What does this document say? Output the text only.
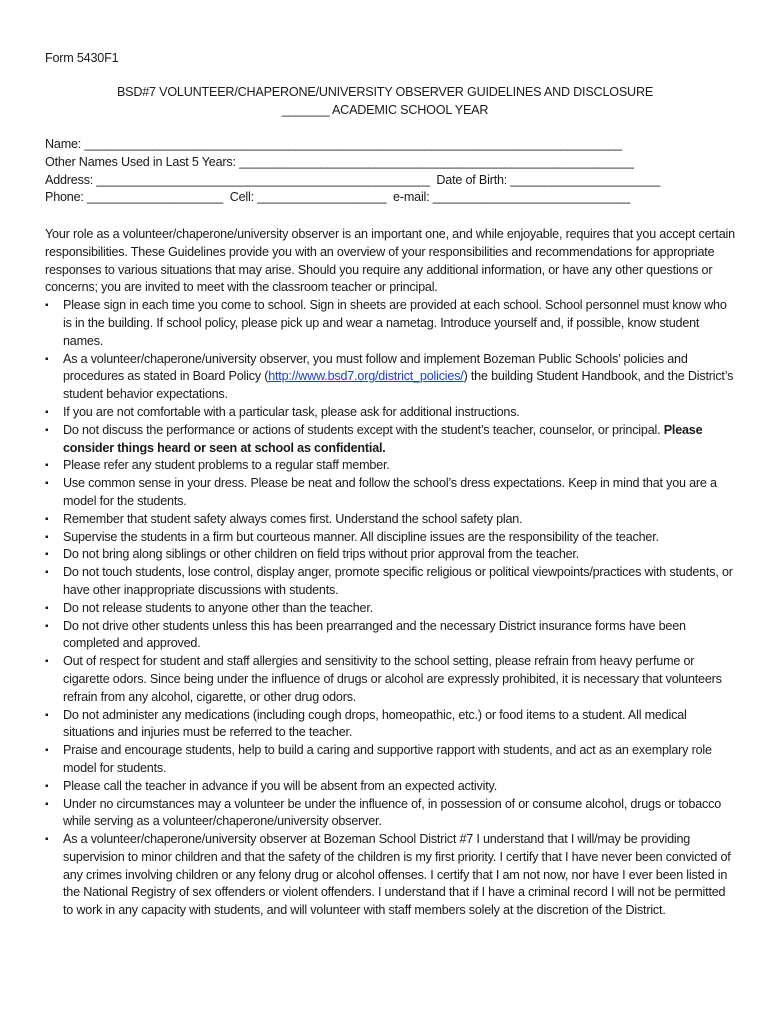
Form 5430F1
BSD#7 VOLUNTEER/CHAPERONE/UNIVERSITY OBSERVER GUIDELINES AND DISCLOSURE
_______ ACADEMIC SCHOOL YEAR
Name: _______________________________________________________________________________
Other Names Used in Last 5 Years: __________________________________________________________
Address: _________________________________________________  Date of Birth: ______________________
Phone: ____________________  Cell: ___________________  e-mail: _____________________________

Your role as a volunteer/chaperone/university observer is an important one, and while enjoyable, requires that you accept certain responsibilities. These Guidelines provide you with an overview of your responsibilities and recommendations for appropriate responses to various situations that may arise. Should you require any additional information, or have any other questions or concerns; you are invited to meet with the classroom teacher or principal.

▪ Please sign in each time you come to school. Sign in sheets are provided at each school. School personnel must know who is in the building. If school policy, please pick up and wear a nametag. Introduce yourself and, if possible, know student names.
▪ As a volunteer/chaperone/university observer, you must follow and implement Bozeman Public Schools’ policies and procedures as stated in Board Policy (http://www.bsd7.org/district_policies/) the building Student Handbook, and the District’s student behavior expectations.
▪ If you are not comfortable with a particular task, please ask for additional instructions.
▪ Do not discuss the performance or actions of students except with the student’s teacher, counselor, or principal. Please consider things heard or seen at school as confidential.
▪ Please refer any student problems to a regular staff member.
▪ Use common sense in your dress. Please be neat and follow the school’s dress expectations. Keep in mind that you are a model for the students.
▪ Remember that student safety always comes first. Understand the school safety plan.
▪ Supervise the students in a firm but courteous manner. All discipline issues are the responsibility of the teacher.
▪ Do not bring along siblings or other children on field trips without prior approval from the teacher.
▪ Do not touch students, lose control, display anger, promote specific religious or political viewpoints/practices with students, or have other inappropriate discussions with students.
▪ Do not release students to anyone other than the teacher.
▪ Do not drive other students unless this has been prearranged and the necessary District insurance forms have been completed and approved.
▪ Out of respect for student and staff allergies and sensitivity to the school setting, please refrain from heavy perfume or cigarette odors. Since being under the influence of drugs or alcohol are expressly prohibited, it is necessary that volunteers refrain from any alcohol, cigarette, or other drug odors.
▪ Do not administer any medications (including cough drops, homeopathic, etc.) or food items to a student. All medical situations and injuries must be referred to the teacher.
▪ Praise and encourage students, help to build a caring and supportive rapport with students, and act as an exemplary role model for students.
▪ Please call the teacher in advance if you will be absent from an expected activity.
▪ Under no circumstances may a volunteer be under the influence of, in possession of or consume alcohol, drugs or tobacco while serving as a volunteer/chaperone/university observer.
▪ As a volunteer/chaperone/university observer at Bozeman School District #7 I understand that I will/may be providing supervision to minor children and that the safety of the children is my first priority. I certify that I have never been convicted of any crimes involving children or any felony drug or alcohol offenses. I certify that I am not now, nor have I ever been listed in the National Registry of sex offenders or violent offenders. I understand that if I have a criminal record I will not be permitted to work in any capacity with students, and will volunteer with staff members solely at the discretion of the District.
